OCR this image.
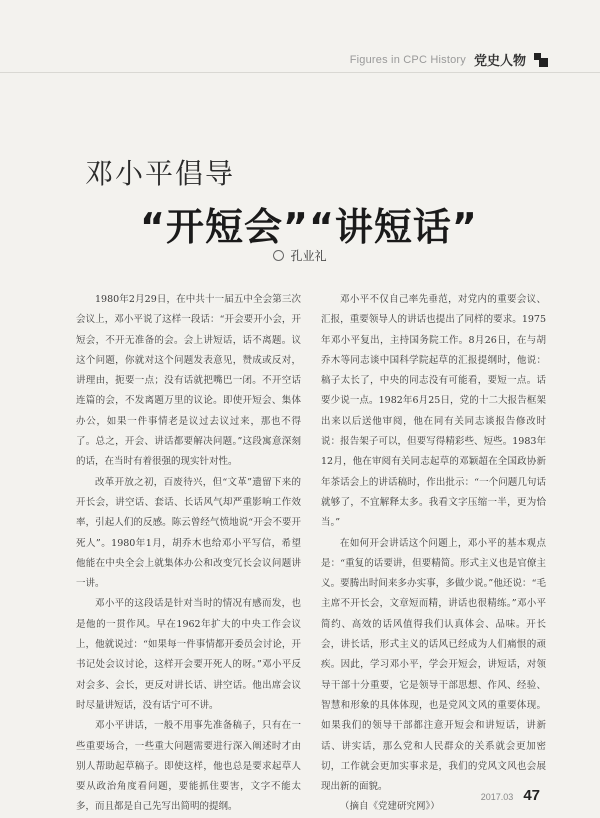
Figures in CPC History 党史人物
邓小平倡导
“开短会”“讲短话”
孔业礼

1980年2月29日，在中共十一届五中全会第三次会议上，邓小平说了这样一段话：“开会要开小会，开短会，不开无准备的会。会上讲短话，话不离题。议这个问题，你就对这个问题发表意见，赞成或反对，讲理由，扼要一点；没有话就把嘴巴一闭。不开空话连篇的会，不发离题万里的议论。即使开短会、集体办公，如果一件事情老是议过去议过来，那也不得了。总之，开会、讲话都要解决问题。”这段寓意深刻的话，在当时有着很强的现实针对性。

改革开放之初，百废待兴，但“文革”遗留下来的开长会，讲空话、套话、长话风气却严重影响工作效率，引起人们的反感。陈云曾经气愤地说“开会不要开死人”。1980年1月，胡乔木也给邓小平写信，希望他能在中央全会上就集体办公和改变冗长会议问题讲一讲。

邓小平的这段话是针对当时的情况有感而发，也是他的一贯作风。早在1962年扩大的中央工作会议上，他就说过：“如果每一件事情都开委员会讨论，开书记处会议讨论，这样开会要开死人的呀。”邓小平反对会多、会长，更反对讲长话、讲空话。他出席会议时尽量讲短话，没有话宁可不讲。

邓小平讲话，一般不用事先准备稿子，只有在一些重要场合，一些重大问题需要进行深入阐述时才由别人帮助起草稿子。即使这样，他也总是要求起草人要从政治角度看问题，要能抓住要害，文字不能太多，而且都是自己先写出简明的提纲。

邓小平不仅自己率先垂范，对党内的重要会议、汇报，重要领导人的讲话也提出了同样的要求。1975年邓小平复出，主持国务院工作。8月26日，在与胡乔木等同志谈中国科学院起草的汇报提纲时，他说：稿子太长了，中央的同志没有可能看，要短一点。话要少说一点。1982年6月25日，党的十二大报告框架出来以后送他审阅，他在同有关同志谈报告修改时说：报告架子可以，但要写得精彩些、短些。1983年12月，他在审阅有关同志起草的邓颖超在全国政协新年茶话会上的讲话稿时，作出批示：“一个问题几句话就够了，不宜解释太多。我看文字压缩一半，更为恰当。”

在如何开会讲话这个问题上，邓小平的基本观点是：“重复的话要讲，但要精简。形式主义也是官僚主义。要腾出时间来多办实事，多做少说。”他还说：“毛主席不开长会，文章短而精，讲话也很精练。”邓小平简约、高效的话风值得我们认真体会、品味。开长会，讲长话，形式主义的话风已经成为人们痛恨的顽疾。因此，学习邓小平，学会开短会，讲短话，对领导干部十分重要，它是领导干部思想、作风、经验、智慧和形象的具体体现，也是党风文风的重要体现。如果我们的领导干部都注意开短会和讲短话，讲新话、讲实话，那么党和人民群众的关系就会更加密切，工作就会更加实事求是，我们的党风文风也会展现出新的面貌。

（摘自《党建研究网》）

2017.03 47
